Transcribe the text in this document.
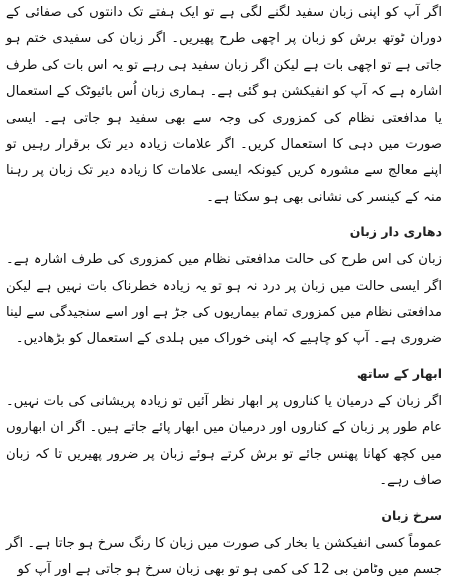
اگر آپ کو اپنی زبان سفید لگنے لگی ہے تو ایک ہفتے تک دانتوں کی صفائی کے دوران ٹوتھ برش کو زبان پر اچھی طرح پھیریں۔ اگر زبان کی سفیدی ختم ہو جاتی ہے تو اچھی بات ہے لیکن اگر زبان سفید ہی رہے تو یہ اس بات کی طرف اشارہ ہے کہ آپ کو انفیکشن ہو گئی ہے۔ ہماری زبان اُس بائیوٹک کے استعمال یا مدافعتی نظام کی کمزوری کی وجہ سے بھی سفید ہو جاتی ہے۔ ایسی صورت میں دہی کا استعمال کریں۔ اگر علامات زیادہ دیر تک برقرار رہیں تو اپنے معالج سے مشورہ کریں کیونکہ ایسی علامات کا زیادہ دیر تک زبان پر رہنا منہ کے کینسر کی نشانی بھی ہو سکتا ہے۔

دھاری دار زبان

زبان کی اس طرح کی حالت مدافعتی نظام میں کمزوری کی طرف اشارہ ہے۔ اگر ایسی حالت میں زبان پر درد نہ ہو تو یہ زیادہ خطرناک بات نہیں ہے لیکن مدافعتی نظام میں کمزوری تمام بیماریوں کی جڑ ہے اور اسے سنجیدگی سے لینا ضروری ہے۔ آپ کو چاہیے کہ اپنی خوراک میں ہلدی کے استعمال کو بڑھادیں۔

ابھار کے ساتھ

اگر زبان کے درمیان یا کناروں پر ابھار نظر آئیں تو زیادہ پریشانی کی بات نہیں۔ عام طور پر زبان کے کناروں اور درمیان میں ابھار پائے جاتے ہیں۔ اگر ان ابھاروں میں کچھ کھانا پھنس جائے تو برش کرتے ہوئے زبان پر ضرور پھیریں تا کہ زبان صاف رہے۔

سرخ زبان

عموماً کسی انفیکشن یا بخار کی صورت میں زبان کا رنگ سرخ ہو جاتا ہے۔ اگر جسم میں وٹامن بی 12 کی کمی ہو تو بھی زبان سرخ ہو جاتی ہے اور آپ کو
